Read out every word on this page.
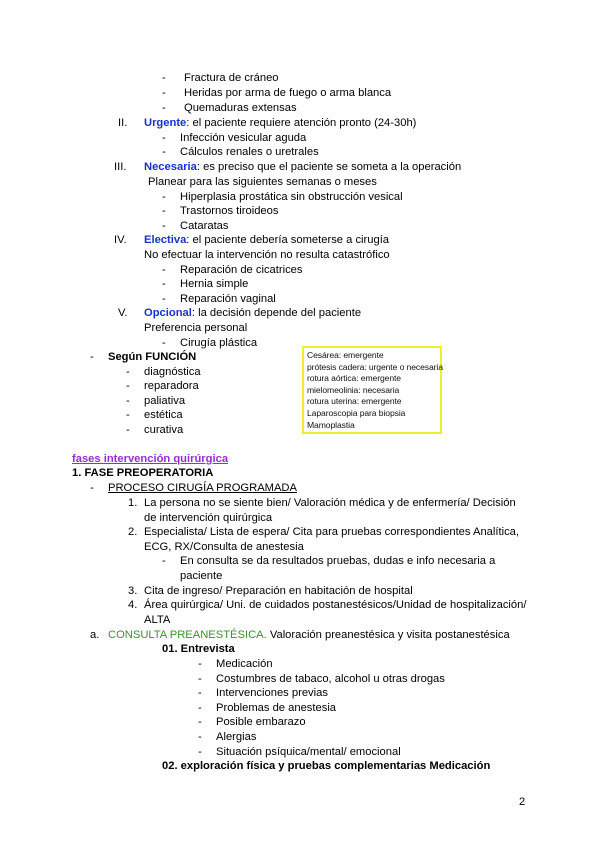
- Fractura de cráneo
- Heridas por arma de fuego o arma blanca
- Quemaduras extensas
II. Urgente: el paciente requiere atención pronto (24-30h)
- Infección vesicular aguda
- Cálculos renales o uretrales
III. Necesaria: es preciso que el paciente se someta a la operación
Planear para las siguientes semanas o meses
- Hiperplasia prostática sin obstrucción vesical
- Trastornos tiroideos
- Cataratas
IV. Electiva: el paciente debería someterse a cirugía
No efectuar la intervención no resulta catastrófico
- Reparación de cicatrices
- Hernia simple
- Reparación vaginal
V. Opcional: la decisión depende del paciente
Preferencia personal
- Cirugía plástica
- Según FUNCIÓN
- diagnóstica
- reparadora
- paliativa
- estética
- curativa
Cesárea: emergente
prótesis cadera: urgente o necesaria
rotura aórtica: emergente
mielomeolinia: necesaria
rotura uterina: emergente
Laparoscopia para biopsia
Mamoplastia
fases intervención quirúrgica
1. FASE PREOPERATORIA
- PROCESO CIRUGÍA PROGRAMADA
1. La persona no se siente bien/ Valoración médica y de enfermería/ Decisión
de intervención quirúrgica
2. Especialista/ Lista de espera/ Cita para pruebas correspondientes Analítica,
ECG, RX/Consulta de anestesia
- En consulta se da resultados pruebas, dudas e info necesaria a
paciente
3. Cita de ingreso/ Preparación en habitación de hospital
4. Área quirúrgica/ Uni. de cuidados postanestésicos/Unidad de hospitalización/
ALTA
a. CONSULTA PREANESTÉSICA. Valoración preanestésica y visita postanestésica
01. Entrevista
- Medicación
- Costumbres de tabaco, alcohol u otras drogas
- Intervenciones previas
- Problemas de anestesia
- Posible embarazo
- Alergias
- Situación psíquica/mental/ emocional
02. exploración física y pruebas complementarias Medicación
2
